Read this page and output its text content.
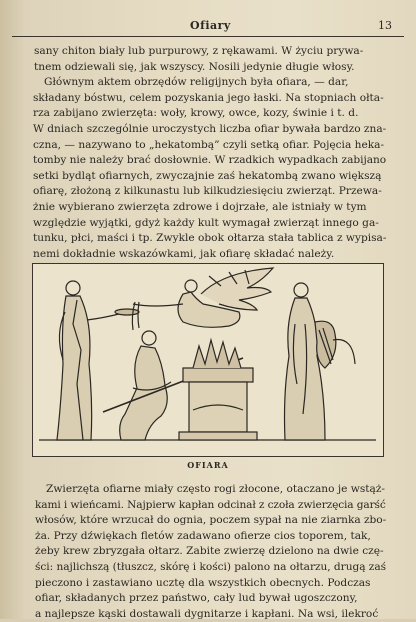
Ofiary	13
sany chiton biały lub purpurowy, z rękawami. W życiu prywa-
tnem odziewali się, jak wszyscy. Nosili jedynie długie włosy.
Głównym aktem obrzędów religijnych była ofiara, — dar,
składany bóstwu, celem pozyskania jego łaski. Na stopniach ołta-
rza zabijano zwierzęta: woły, krowy, owce, kozy, świnie i t. d.
W dniach szczególnie uroczystych liczba ofiar bywała bardzo zna-
czna, — nazywano to „hekatombą” czyli setką ofiar. Pojęcia heka-
tomby nie należy brać dosłownie. W rzadkich wypadkach zabijano
setki bydląt ofiarnych, zwyczajnie zaś hekatombą zwano większą
ofiarę, złożoną z kilkunastu lub kilkudziesięciu zwierząt. Przewa-
żnie wybierano zwierzęta zdrowe i dojrzałe, ale istniały w tym
względzie wyjątki, gdyż każdy kult wymagał zwierząt innego ga-
tunku, płci, maści i tp. Zwykle obok ołtarza stała tablica z wypisa-
nemi dokładnie wskazówkami, jak ofiarę składać należy.
OFIARA
Zwierzęta ofiarne miały często rogi złocone, otaczano je wstąż-
kami i wieńcami. Najpierw kapłan odcinał z czoła zwierzęcia garść
włosów, które wrzucał do ognia, poczem sypał na nie ziarnka zbo-
ża. Przy dźwiękach fletów zadawano ofierze cios toporem, tak,
żeby krew zbryzgała ołtarz. Zabite zwierzę dzielono na dwie czę-
ści: najlichszą (tłuszcz, skórę i kości) palono na ołtarzu, drugą zaś
pieczono i zastawiano ucztę dla wszystkich obecnych. Podczas
ofiar, składanych przez państwo, cały lud bywał ugoszczony,
a najlepsze kąski dostawali dygnitarze i kapłani. Na wsi, ilekroć
